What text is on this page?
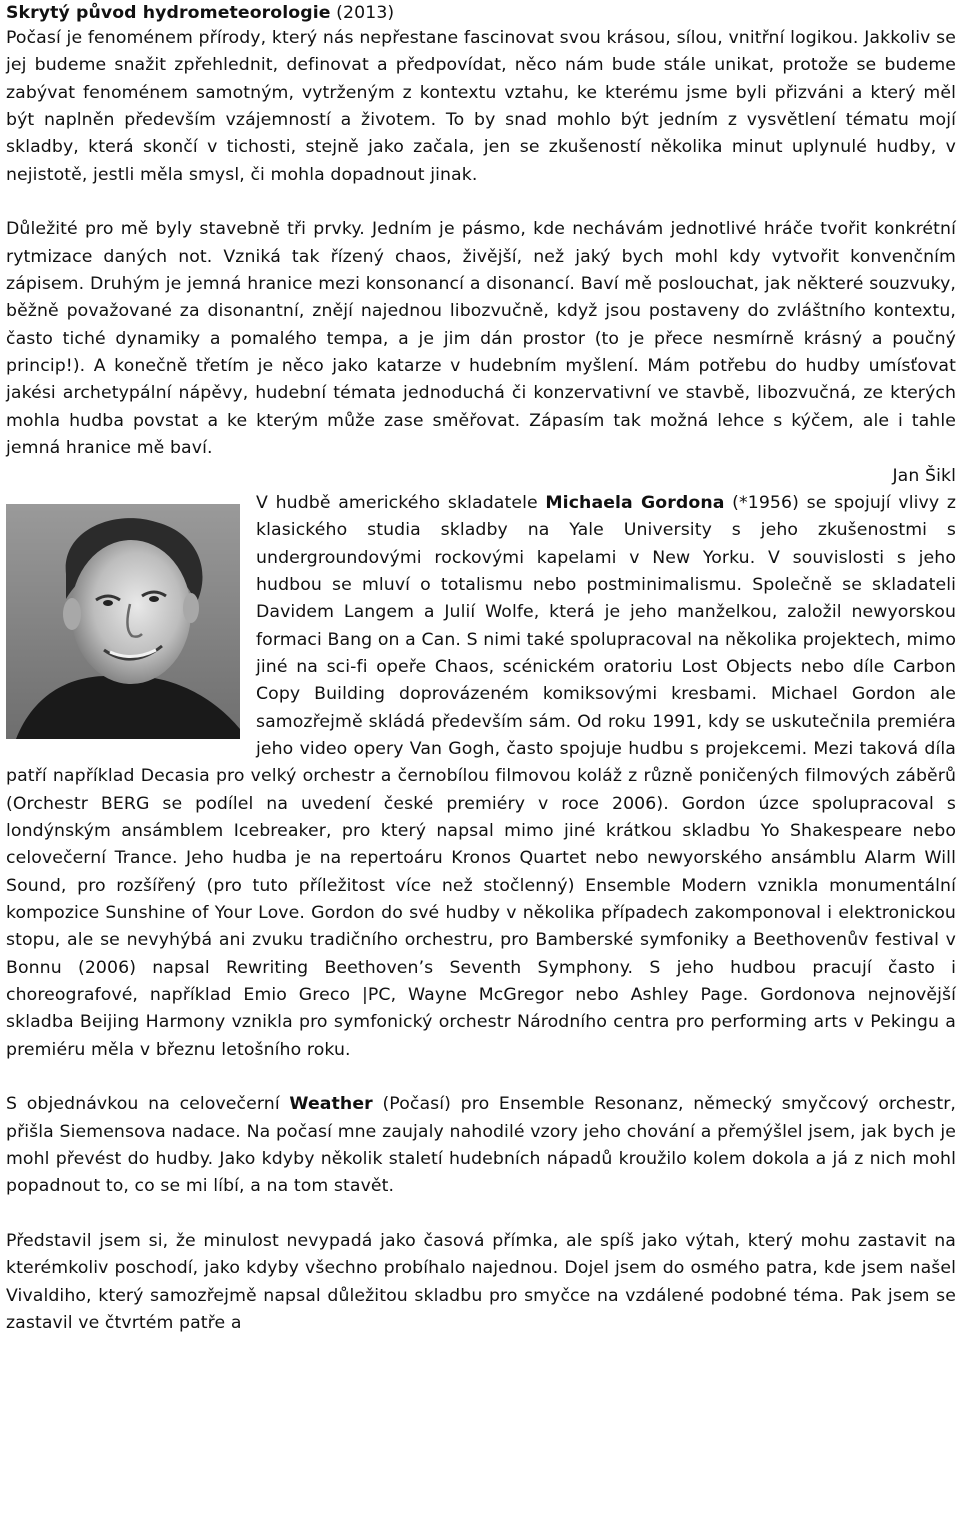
Skrytý původ hydrometeorologie (2013)

Počasí je fenoménem přírody, který nás nepřestane fascinovat svou krásou, sílou, vnitřní logikou. Jakkoliv se jej budeme snažit zpřehlednit, definovat a předpovídat, něco nám bude stále unikat, protože se budeme zabývat fenoménem samotným, vytrženým z kontextu vztahu, ke kterému jsme byli přizváni a který měl být naplněn především vzájemností a životem. To by snad mohlo být jedním z vysvětlení tématu mojí skladby, která skončí v tichosti, stejně jako začala, jen se zkušeností několika minut uplynulé hudby, v nejistotě, jestli měla smysl, či mohla dopadnout jinak.

Důležité pro mě byly stavebně tři prvky. Jedním je pásmo, kde nechávám jednotlivé hráče tvořit konkrétní rytmizace daných not. Vzniká tak řízený chaos, živější, než jaký bych mohl kdy vytvořit konvenčním zápisem. Druhým je jemná hranice mezi konsonancí a disonancí. Baví mě poslouchat, jak některé souzvuky, běžně považované za disonantní, znějí najednou libozvučně, když jsou postaveny do zvláštního kontextu, často tiché dynamiky a pomalého tempa, a je jim dán prostor (to je přece nesmírně krásný a poučný princip!). A konečně třetím je něco jako katarze v hudebním myšlení. Mám potřebu do hudby umísťovat jakési archetypální nápěvy, hudební témata jednoduchá či konzervativní ve stavbě, libozvučná, ze kterých mohla hudba povstat a ke kterým může zase směřovat. Zápasím tak možná lehce s kýčem, ale i tahle jemná hranice mě baví.

Jan Šikl

V hudbě amerického skladatele Michaela Gordona (*1956) se spojují vlivy z klasického studia skladby na Yale University s jeho zkušenostmi s undergroundovými rockovými kapelami v New Yorku. V souvislosti s jeho hudbou se mluví o totalismu nebo postminimalismu. Společně se skladateli Davidem Langem a Julií Wolfe, která je jeho manželkou, založil newyorskou formaci Bang on a Can. S nimi také spolupracoval na několika projektech, mimo jiné na sci-fi opeře Chaos, scénickém oratoriu Lost Objects nebo díle Carbon Copy Building doprovázeném komiksovými kresbami. Michael Gordon ale samozřejmě skládá především sám. Od roku 1991, kdy se uskutečnila premiéra jeho video opery Van Gogh, často spojuje hudbu s projekcemi. Mezi taková díla patří například Decasia pro velký orchestr a černobílou filmovou koláž z různě poničených filmových záběrů (Orchestr BERG se podílel na uvedení české premiéry v roce 2006). Gordon úzce spolupracoval s londýnským ansámblem Icebreaker, pro který napsal mimo jiné krátkou skladbu Yo Shakespeare nebo celovečerní Trance. Jeho hudba je na repertoáru Kronos Quartet nebo newyorského ansámblu Alarm Will Sound, pro rozšířený (pro tuto příležitost více než stočlenný) Ensemble Modern vznikla monumentální kompozice Sunshine of Your Love. Gordon do své hudby v několika případech zakomponoval i elektronickou stopu, ale se nevyhýbá ani zvuku tradičního orchestru, pro Bamberské symfoniky a Beethovenův festival v Bonnu (2006) napsal Rewriting Beethoven’s Seventh Symphony. S jeho hudbou pracují často i choreografové, například Emio Greco |PC, Wayne McGregor nebo Ashley Page. Gordonova nejnovější skladba Beijing Harmony vznikla pro symfonický orchestr Národního centra pro performing arts v Pekingu a premiéru měla v březnu letošního roku.

S objednávkou na celovečerní Weather (Počasí) pro Ensemble Resonanz, německý smyčcový orchestr, přišla Siemensova nadace. Na počasí mne zaujaly nahodilé vzory jeho chování a přemýšlel jsem, jak bych je mohl převést do hudby. Jako kdyby několik staletí hudebních nápadů kroužilo kolem dokola a já z nich mohl popadnout to, co se mi líbí, a na tom stavět.

Představil jsem si, že minulost nevypadá jako časová přímka, ale spíš jako výtah, který mohu zastavit na kterémkoliv poschodí, jako kdyby všechno probíhalo najednou. Dojel jsem do osmého patra, kde jsem našel Vivaldiho, který samozřejmě napsal důležitou skladbu pro smyčce na vzdálené podobné téma. Pak jsem se zastavil ve čtvrtém patře a
